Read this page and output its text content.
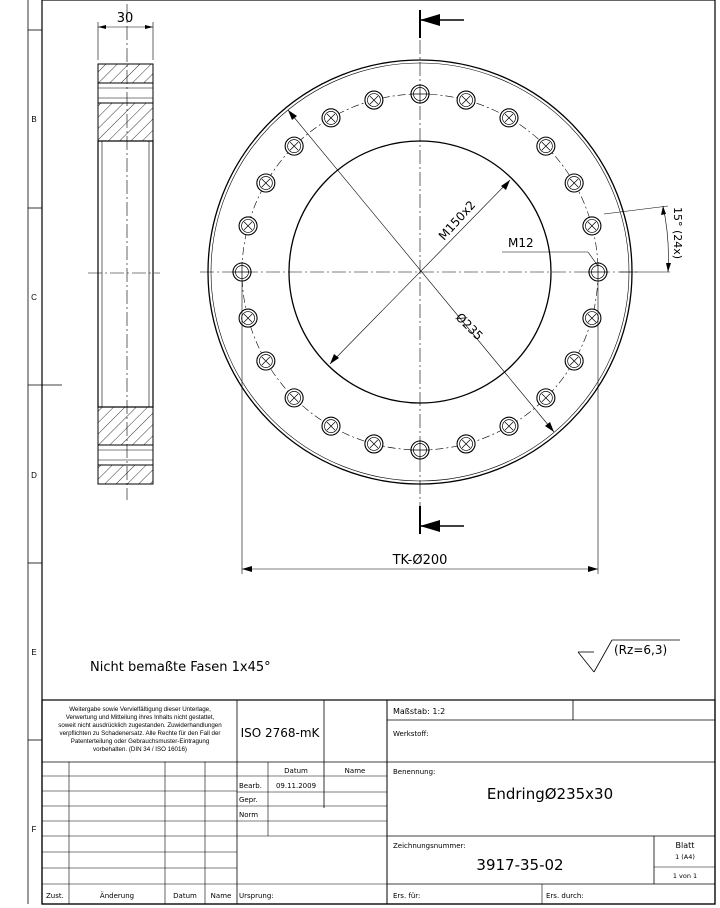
B
C
D
E
F
30
M150x2
Ø235
M12	15° (24x)
TK-Ø200
Nicht bemaßte Fasen 1x45°
(Rz=6,3)
Weitergabe sowie Vervielfältigung dieser Unterlage,
Verwertung und Mitteilung ihres Inhalts nicht gestattet,
soweit nicht ausdrücklich zugestanden. Zuwiderhandlungen
verpflichten zu Schadenersatz. Alle Rechte für den Fall der
Patenterteilung oder Gebrauchsmuster-Eintragung
vorbehalten. (DIN 34 / ISO 16016)
ISO 2768-mK
Maßstab: 1:2
Werkstoff:
Datum	Name
Bearb. 09.11.2009
Gepr.
Norm
Benennung:
EndringØ235x30
Zeichnungsnummer:
3917-35-02
Blatt
1 (A4)
1 von 1
Zust.	Änderung	Datum Name Ursprung:	Ers. für:	Ers. durch:
